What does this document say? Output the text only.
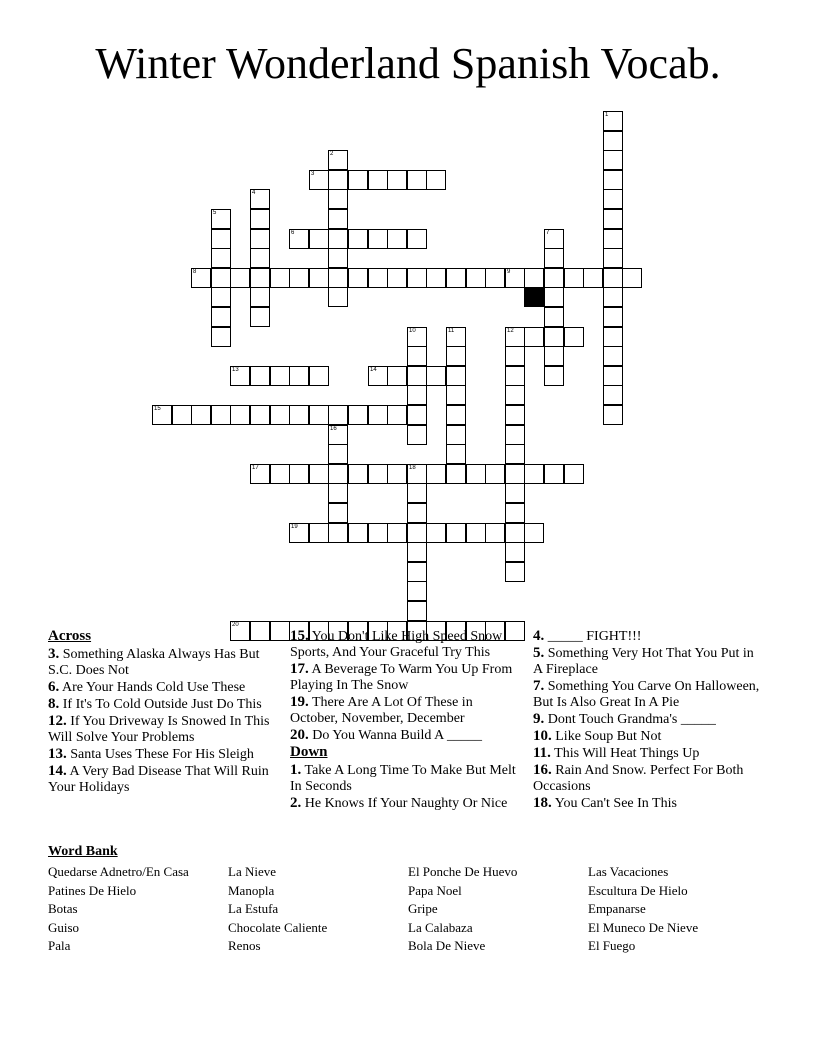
Winter Wonderland Spanish Vocab.
1
2
3
4
5
6	7
8	9
10	11	12
13	14
15
16
17	18
19
20
Across
3. Something Alaska Always Has But S.C. Does Not
6. Are Your Hands Cold Use These
8. If It's To Cold Outside Just Do This
12. If You Driveway Is Snowed In This Will Solve Your Problems
13. Santa Uses These For His Sleigh
14. A Very Bad Disease That Will Ruin Your Holidays
15. You Don't Like High Speed Snow Sports, And Your Graceful Try This
17. A Beverage To Warm You Up From Playing In The Snow
19. There Are A Lot Of These in October, November, December
20. Do You Wanna Build A _____
Down
1. Take A Long Time To Make But Melt In Seconds
2. He Knows If Your Naughty Or Nice
4. _____ FIGHT!!!
5. Something Very Hot That You Put in A Fireplace
7. Something You Carve On Halloween, But Is Also Great In A Pie
9. Dont Touch Grandma's _____
10. Like Soup But Not
11. This Will Heat Things Up
16. Rain And Snow. Perfect For Both Occasions
18. You Can't See In This
Word Bank
Quedarse Adnetro/En Casa
Patines De Hielo
Botas
Guiso
Pala
La Nieve
Manopla
La Estufa
Chocolate Caliente
Renos
El Ponche De Huevo
Papa Noel
Gripe
La Calabaza
Bola De Nieve
Las Vacaciones
Escultura De Hielo
Empanarse
El Muneco De Nieve
El Fuego
